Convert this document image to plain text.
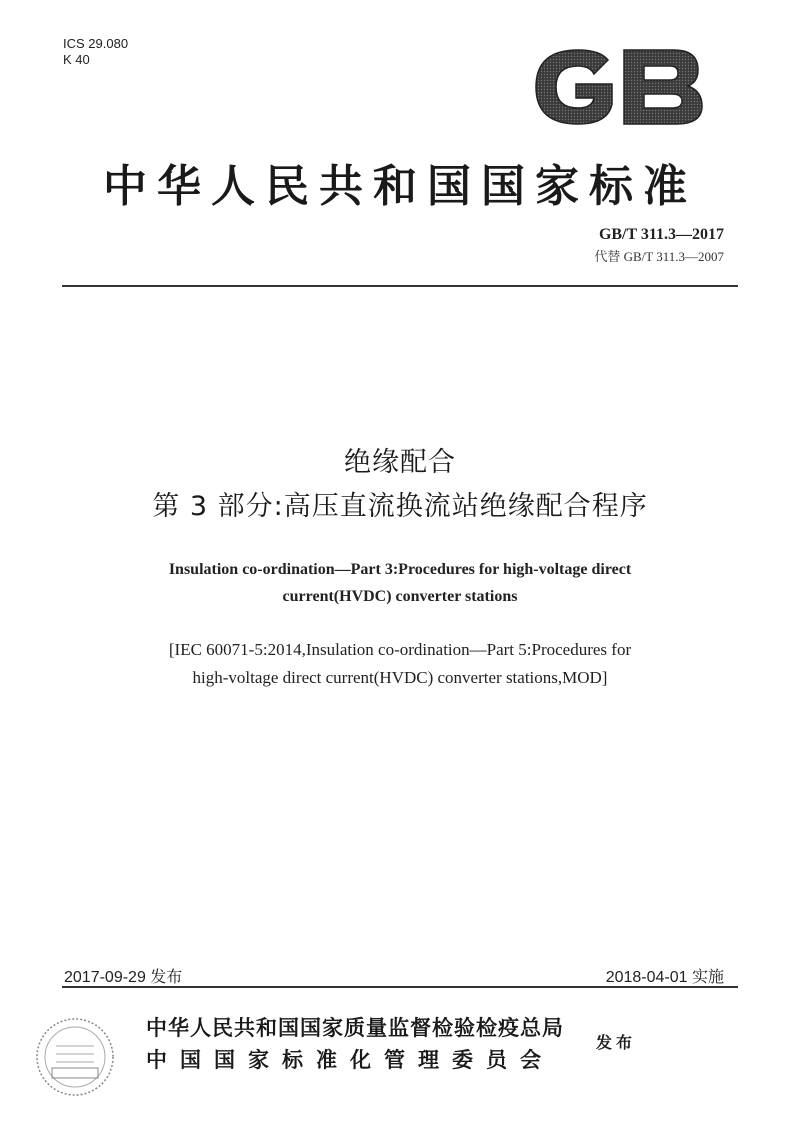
ICS 29.080
K 40
中华人民共和国国家标准
GB/T 311.3—2017
代替 GB/T 311.3—2007
绝缘配合
第 3 部分:高压直流换流站绝缘配合程序
Insulation co-ordination—Part 3:Procedures for high-voltage direct
current(HVDC) converter stations
[IEC 60071-5:2014,Insulation co-ordination—Part 5:Procedures for
high-voltage direct current(HVDC) converter stations,MOD]
2017-09-29 发布	2018-04-01 实施
中华人民共和国国家质量监督检验检疫总局
中国国家标准化管理委员会
发布
